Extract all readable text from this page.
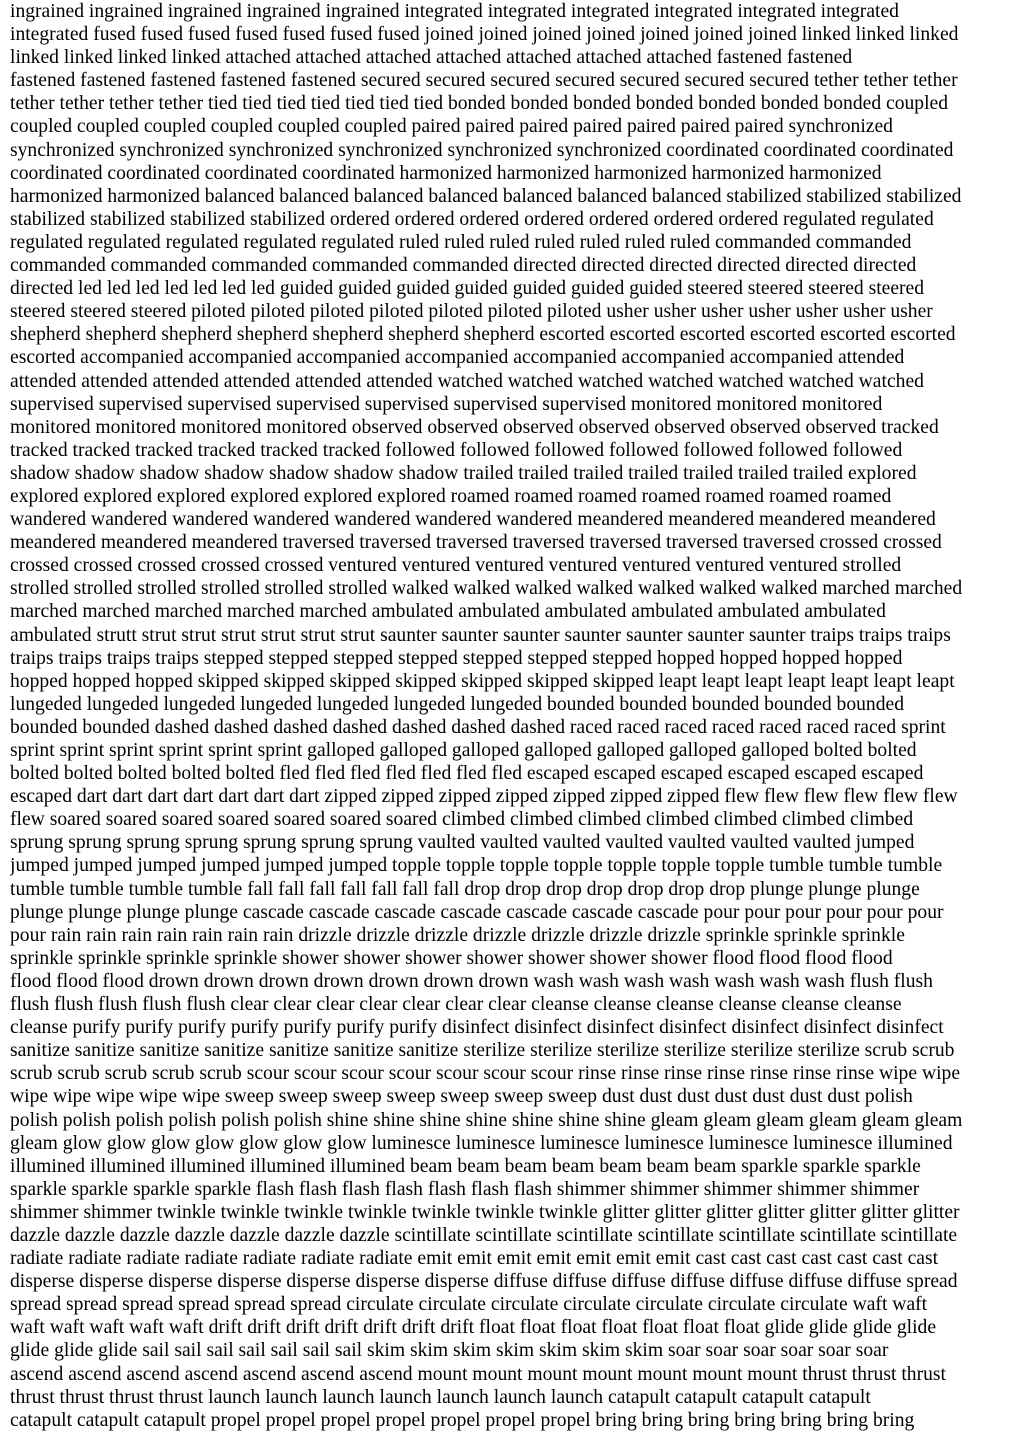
ingrained ingrained ingrained ingrained ingrained integrated integrated integrated integrated integrated integrated
integrated fused fused fused fused fused fused fused joined joined joined joined joined joined joined linked linked linked
linked linked linked linked attached attached attached attached attached attached attached fastened fastened
fastened fastened fastened fastened fastened secured secured secured secured secured secured secured tether tether tether
tether tether tether tether tied tied tied tied tied tied tied bonded bonded bonded bonded bonded bonded bonded coupled
coupled coupled coupled coupled coupled coupled paired paired paired paired paired paired paired synchronized
synchronized synchronized synchronized synchronized synchronized synchronized coordinated coordinated coordinated
coordinated coordinated coordinated coordinated harmonized harmonized harmonized harmonized harmonized
harmonized harmonized balanced balanced balanced balanced balanced balanced balanced stabilized stabilized stabilized
stabilized stabilized stabilized stabilized ordered ordered ordered ordered ordered ordered ordered regulated regulated
regulated regulated regulated regulated regulated ruled ruled ruled ruled ruled ruled ruled commanded commanded
commanded commanded commanded commanded commanded directed directed directed directed directed directed
directed led led led led led led led guided guided guided guided guided guided guided steered steered steered steered
steered steered steered piloted piloted piloted piloted piloted piloted piloted usher usher usher usher usher usher usher
shepherd shepherd shepherd shepherd shepherd shepherd shepherd escorted escorted escorted escorted escorted escorted
escorted accompanied accompanied accompanied accompanied accompanied accompanied accompanied attended
attended attended attended attended attended attended watched watched watched watched watched watched watched
supervised supervised supervised supervised supervised supervised supervised monitored monitored monitored
monitored monitored monitored monitored observed observed observed observed observed observed observed tracked
tracked tracked tracked tracked tracked tracked followed followed followed followed followed followed followed
shadow shadow shadow shadow shadow shadow shadow trailed trailed trailed trailed trailed trailed trailed explored
explored explored explored explored explored explored roamed roamed roamed roamed roamed roamed roamed
wandered wandered wandered wandered wandered wandered wandered meandered meandered meandered meandered
meandered meandered meandered traversed traversed traversed traversed traversed traversed traversed crossed crossed
crossed crossed crossed crossed crossed ventured ventured ventured ventured ventured ventured ventured strolled
strolled strolled strolled strolled strolled strolled walked walked walked walked walked walked walked marched marched
marched marched marched marched marched ambulated ambulated ambulated ambulated ambulated ambulated
ambulated strutt strut strut strut strut strut strut saunter saunter saunter saunter saunter saunter saunter traips traips traips
traips traips traips traips stepped stepped stepped stepped stepped stepped stepped hopped hopped hopped hopped
hopped hopped hopped skipped skipped skipped skipped skipped skipped skipped leapt leapt leapt leapt leapt leapt leapt
lungeded lungeded lungeded lungeded lungeded lungeded lungeded bounded bounded bounded bounded bounded
bounded bounded dashed dashed dashed dashed dashed dashed dashed raced raced raced raced raced raced raced sprint
sprint sprint sprint sprint sprint sprint galloped galloped galloped galloped galloped galloped galloped bolted bolted
bolted bolted bolted bolted bolted fled fled fled fled fled fled fled escaped escaped escaped escaped escaped escaped
escaped dart dart dart dart dart dart dart zipped zipped zipped zipped zipped zipped zipped flew flew flew flew flew flew
flew soared soared soared soared soared soared soared climbed climbed climbed climbed climbed climbed climbed
sprung sprung sprung sprung sprung sprung sprung vaulted vaulted vaulted vaulted vaulted vaulted vaulted jumped
jumped jumped jumped jumped jumped jumped topple topple topple topple topple topple topple tumble tumble tumble
tumble tumble tumble tumble fall fall fall fall fall fall fall drop drop drop drop drop drop drop plunge plunge plunge
plunge plunge plunge plunge cascade cascade cascade cascade cascade cascade cascade pour pour pour pour pour pour
pour rain rain rain rain rain rain rain drizzle drizzle drizzle drizzle drizzle drizzle drizzle sprinkle sprinkle sprinkle
sprinkle sprinkle sprinkle sprinkle shower shower shower shower shower shower shower flood flood flood flood
flood flood flood drown drown drown drown drown drown drown wash wash wash wash wash wash wash flush flush
flush flush flush flush flush clear clear clear clear clear clear clear cleanse cleanse cleanse cleanse cleanse cleanse
cleanse purify purify purify purify purify purify purify disinfect disinfect disinfect disinfect disinfect disinfect disinfect
sanitize sanitize sanitize sanitize sanitize sanitize sanitize sterilize sterilize sterilize sterilize sterilize sterilize scrub scrub
scrub scrub scrub scrub scrub scour scour scour scour scour scour scour rinse rinse rinse rinse rinse rinse rinse wipe wipe
wipe wipe wipe wipe wipe sweep sweep sweep sweep sweep sweep sweep dust dust dust dust dust dust dust polish
polish polish polish polish polish polish shine shine shine shine shine shine shine gleam gleam gleam gleam gleam gleam
gleam glow glow glow glow glow glow glow luminesce luminesce luminesce luminesce luminesce luminesce illumined
illumined illumined illumined illumined illumined beam beam beam beam beam beam beam sparkle sparkle sparkle
sparkle sparkle sparkle sparkle flash flash flash flash flash flash flash shimmer shimmer shimmer shimmer shimmer
shimmer shimmer twinkle twinkle twinkle twinkle twinkle twinkle twinkle glitter glitter glitter glitter glitter glitter glitter
dazzle dazzle dazzle dazzle dazzle dazzle dazzle scintillate scintillate scintillate scintillate scintillate scintillate scintillate
radiate radiate radiate radiate radiate radiate radiate emit emit emit emit emit emit emit cast cast cast cast cast cast cast
disperse disperse disperse disperse disperse disperse disperse diffuse diffuse diffuse diffuse diffuse diffuse diffuse spread
spread spread spread spread spread spread circulate circulate circulate circulate circulate circulate circulate waft waft
waft waft waft waft waft drift drift drift drift drift drift drift float float float float float float float glide glide glide glide
glide glide glide sail sail sail sail sail sail sail skim skim skim skim skim skim skim soar soar soar soar soar soar
ascend ascend ascend ascend ascend ascend ascend mount mount mount mount mount mount mount thrust thrust thrust
thrust thrust thrust thrust launch launch launch launch launch launch launch catapult catapult catapult catapult
catapult catapult catapult propel propel propel propel propel propel propel bring bring bring bring bring bring bring
